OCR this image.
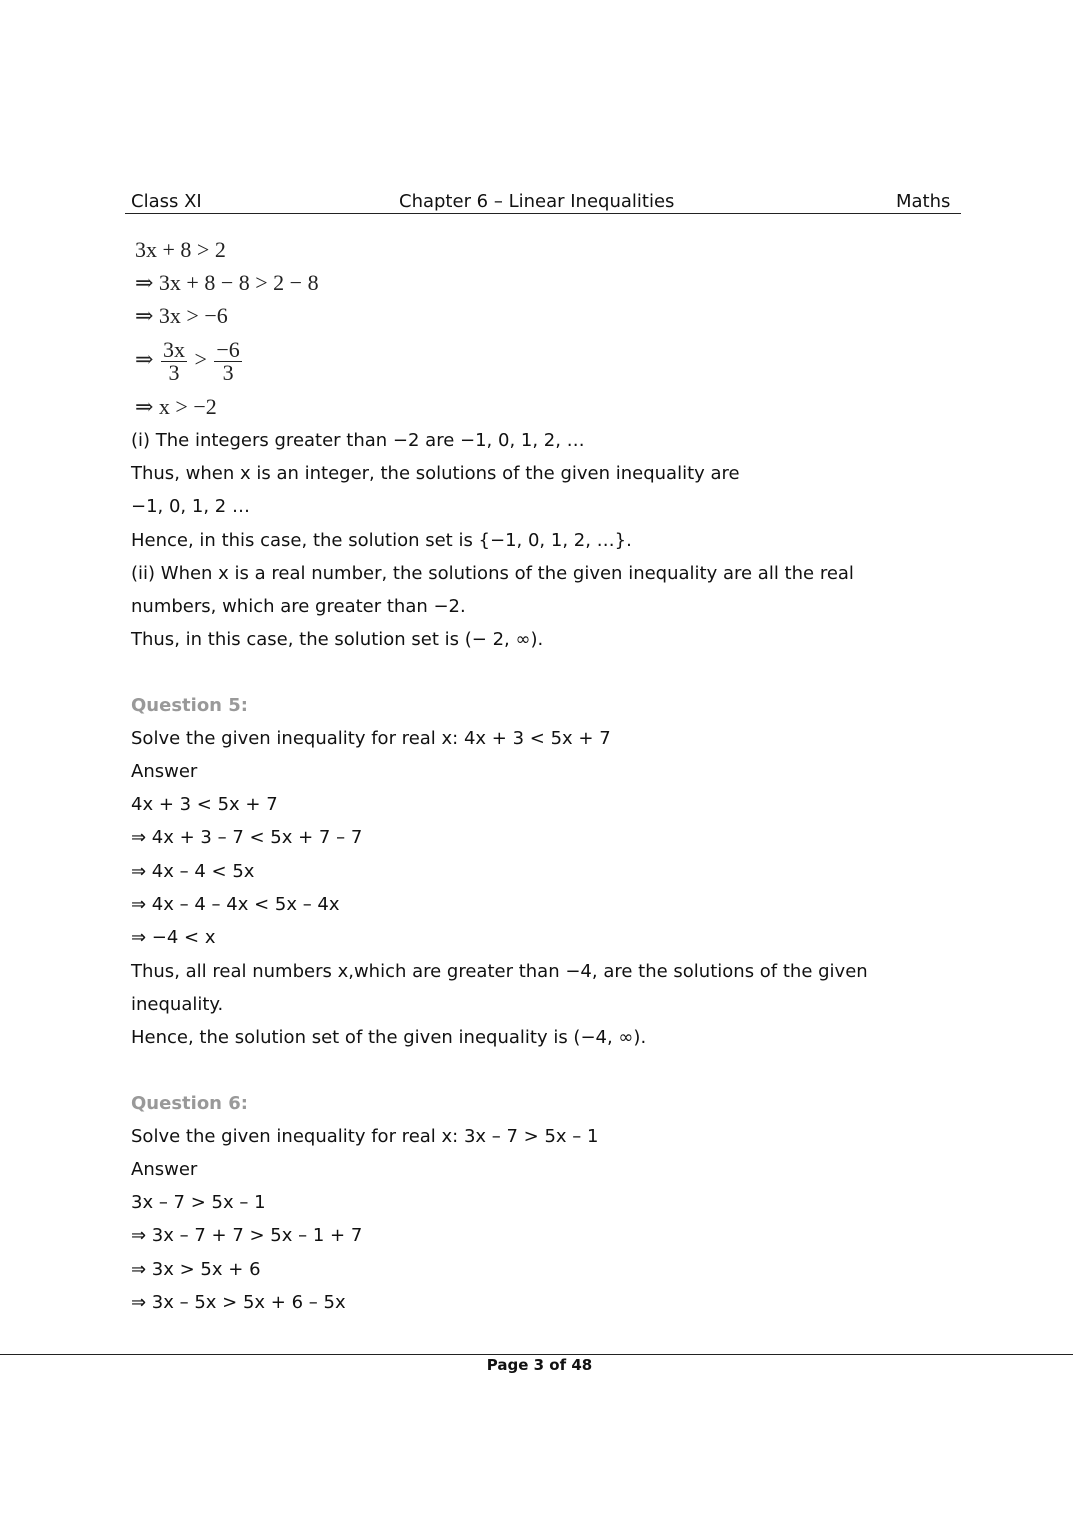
Class XI	Chapter 6 – Linear Inequalities	Maths
3x + 8 > 2
⇒ 3x + 8 − 8 > 2 − 8
⇒ 3x > −6
⇒ $\frac{3x}{3} > \frac{-6}{3}$
⇒ x > −2
(i) The integers greater than −2 are −1, 0, 1, 2, …
Thus, when x is an integer, the solutions of the given inequality are
−1, 0, 1, 2 …
Hence, in this case, the solution set is {−1, 0, 1, 2, …}.
(ii) When x is a real number, the solutions of the given inequality are all the real
numbers, which are greater than −2.
Thus, in this case, the solution set is (− 2, ∞).
Question 5:
Solve the given inequality for real x: 4x + 3 < 5x + 7
Answer
4x + 3 < 5x + 7
⇒ 4x + 3 – 7 < 5x + 7 – 7
⇒ 4x – 4 < 5x
⇒ 4x – 4 – 4x < 5x – 4x
⇒ −4 < x
Thus, all real numbers x,which are greater than −4, are the solutions of the given
inequality.
Hence, the solution set of the given inequality is (−4, ∞).
Question 6:
Solve the given inequality for real x: 3x – 7 > 5x – 1
Answer
3x – 7 > 5x – 1
⇒ 3x – 7 + 7 > 5x – 1 + 7
⇒ 3x > 5x + 6
⇒ 3x – 5x > 5x + 6 – 5x
Page 3 of 48
